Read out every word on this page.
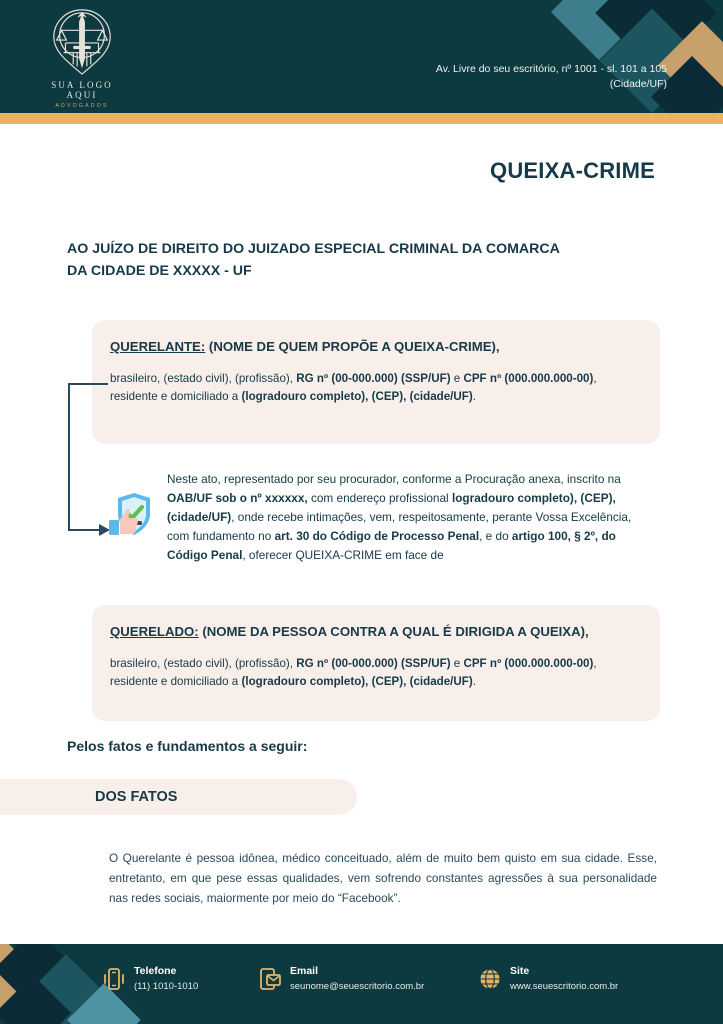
SUA LOGO AQUI
ADVOGADOS
Av. Livre do seu escritório, nº 1001 - sl. 101 a 105
(Cidade/UF)
QUEIXA-CRIME
AO JUÍZO DE DIREITO DO JUIZADO ESPECIAL CRIMINAL DA COMARCA
DA CIDADE DE XXXXX - UF
QUERELANTE: (NOME DE QUEM PROPÕE A QUEIXA-CRIME),
brasileiro, (estado civil), (profissão), RG nº (00-000.000) (SSP/UF) e CPF nº (000.000.000-00), residente e domiciliado a (logradouro completo), (CEP), (cidade/UF).
Neste ato, representado por seu procurador, conforme a Procuração anexa, inscrito na OAB/UF sob o nº xxxxxx, com endereço profissional logradouro completo), (CEP), (cidade/UF), onde recebe intimações, vem, respeitosamente, perante Vossa Excelência, com fundamento no art. 30 do Código de Processo Penal, e do artigo 100, § 2º, do Código Penal, oferecer QUEIXA-CRIME em face de
QUERELADO: (NOME DA PESSOA CONTRA A QUAL É DIRIGIDA A QUEIXA),
brasileiro, (estado civil), (profissão), RG nº (00-000.000) (SSP/UF) e CPF nº (000.000.000-00), residente e domiciliado a (logradouro completo), (CEP), (cidade/UF).
Pelos fatos e fundamentos a seguir:
DOS FATOS
O Querelante é pessoa idônea, médico conceituado, além de muito bem quisto em sua cidade. Esse, entretanto, em que pese essas qualidades, vem sofrendo constantes agressões à sua personalidade nas redes sociais, maiormente por meio do “Facebook”.
Telefone
(11) 1010-1010
Email
seunome@seuescritorio.com.br
Site
www.seuescritorio.com.br
